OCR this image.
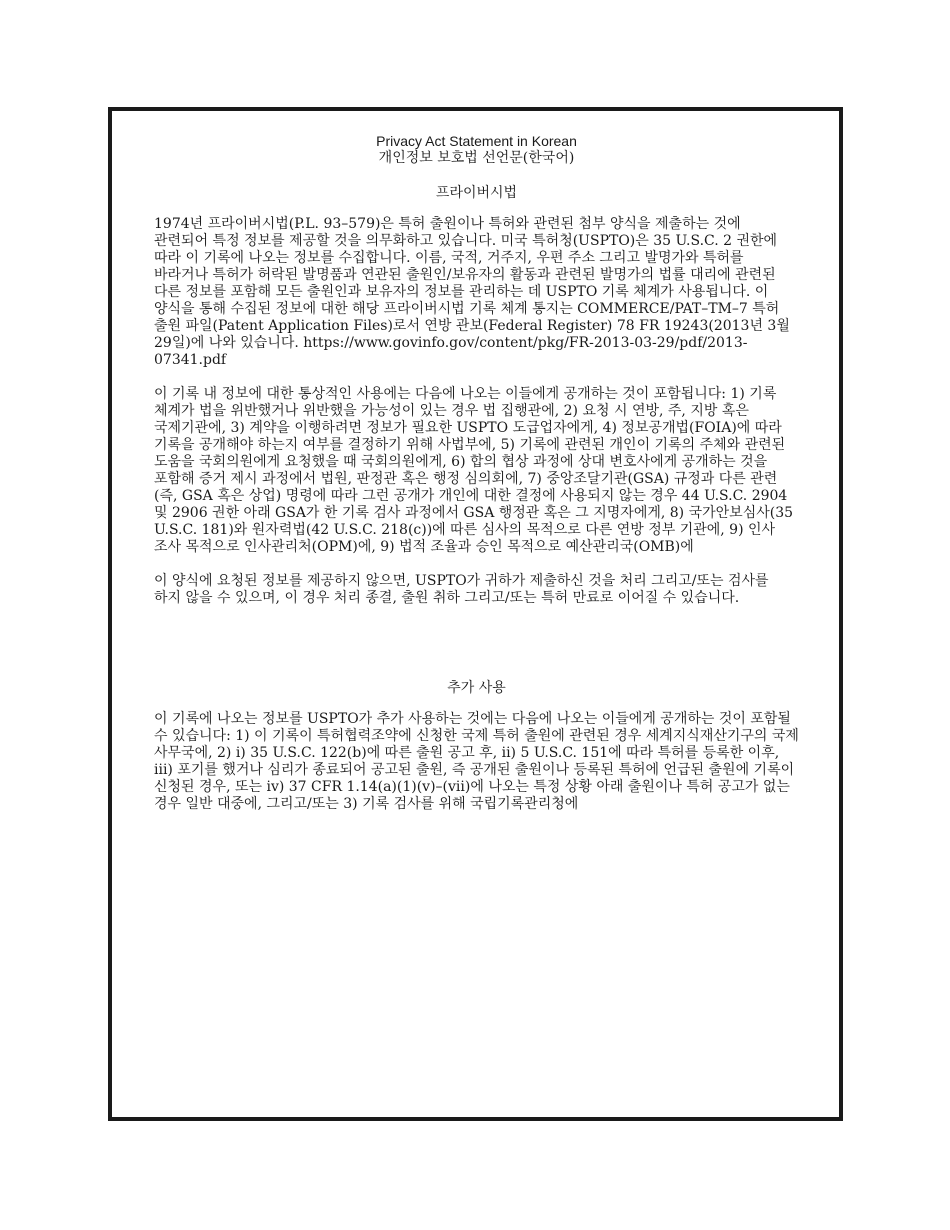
Privacy Act Statement in Korean

개인정보 보호법 선언문(한국어)

프라이버시법

1974년 프라이버시법(P.L. 93–579)은 특허 출원이나 특허와 관련된 첨부 양식을 제출하는 것에 관련되어 특정 정보를 제공할 것을 의무화하고 있습니다. 미국 특허청(USPTO)은 35 U.S.C. 2 권한에 따라 이 기록에 나오는 정보를 수집합니다. 이름, 국적, 거주지, 우편 주소 그리고 발명가와 특허를 바라거나 특허가 허락된 발명품과 연관된 출원인/보유자의 활동과 관련된 발명가의 법률 대리에 관련된 다른 정보를 포함해 모든 출원인과 보유자의 정보를 관리하는 데 USPTO 기록 체계가 사용됩니다. 이 양식을 통해 수집된 정보에 대한 해당 프라이버시법 기록 체계 통지는 COMMERCE/PAT–TM–7 특허 출원 파일(Patent Application Files)로서 연방 관보(Federal Register) 78 FR 19243(2013년 3월 29일)에 나와 있습니다. https://www.govinfo.gov/content/pkg/FR-2013-03-29/pdf/2013-07341.pdf

이 기록 내 정보에 대한 통상적인 사용에는 다음에 나오는 이들에게 공개하는 것이 포함됩니다: 1) 기록 체계가 법을 위반했거나 위반했을 가능성이 있는 경우 법 집행관에, 2) 요청 시 연방, 주, 지방 혹은 국제기관에, 3) 계약을 이행하려면 정보가 필요한 USPTO 도급업자에게, 4) 정보공개법(FOIA)에 따라 기록을 공개해야 하는지 여부를 결정하기 위해 사법부에, 5) 기록에 관련된 개인이 기록의 주체와 관련된 도움을 국회의원에게 요청했을 때 국회의원에게, 6) 합의 협상 과정에 상대 변호사에게 공개하는 것을 포함해 증거 제시 과정에서 법원, 판정관 혹은 행정 심의회에, 7) 중앙조달기관(GSA) 규정과 다른 관련(즉, GSA 혹은 상업) 명령에 따라 그런 공개가 개인에 대한 결정에 사용되지 않는 경우 44 U.S.C. 2904 및 2906 권한 아래 GSA가 한 기록 검사 과정에서 GSA 행정관 혹은 그 지명자에게, 8) 국가안보심사(35 U.S.C. 181)와 원자력법(42 U.S.C. 218(c))에 따른 심사의 목적으로 다른 연방 정부 기관에, 9) 인사 조사 목적으로 인사관리처(OPM)에, 9) 법적 조율과 승인 목적으로 예산관리국(OMB)에

이 양식에 요청된 정보를 제공하지 않으면, USPTO가 귀하가 제출하신 것을 처리 그리고/또는 검사를 하지 않을 수 있으며, 이 경우 처리 종결, 출원 취하 그리고/또는 특허 만료로 이어질 수 있습니다.

추가 사용

이 기록에 나오는 정보를 USPTO가 추가 사용하는 것에는 다음에 나오는 이들에게 공개하는 것이 포함될 수 있습니다: 1) 이 기록이 특허협력조약에 신청한 국제 특허 출원에 관련된 경우 세계지식재산기구의 국제 사무국에, 2) i) 35 U.S.C. 122(b)에 따른 출원 공고 후, ii) 5 U.S.C. 151에 따라 특허를 등록한 이후, iii) 포기를 했거나 심리가 종료되어 공고된 출원, 즉 공개된 출원이나 등록된 특허에 언급된 출원에 기록이 신청된 경우, 또는 iv) 37 CFR 1.14(a)(1)(v)–(vii)에 나오는 특정 상황 아래 출원이나 특허 공고가 없는 경우 일반 대중에, 그리고/또는 3) 기록 검사를 위해 국립기록관리청에
